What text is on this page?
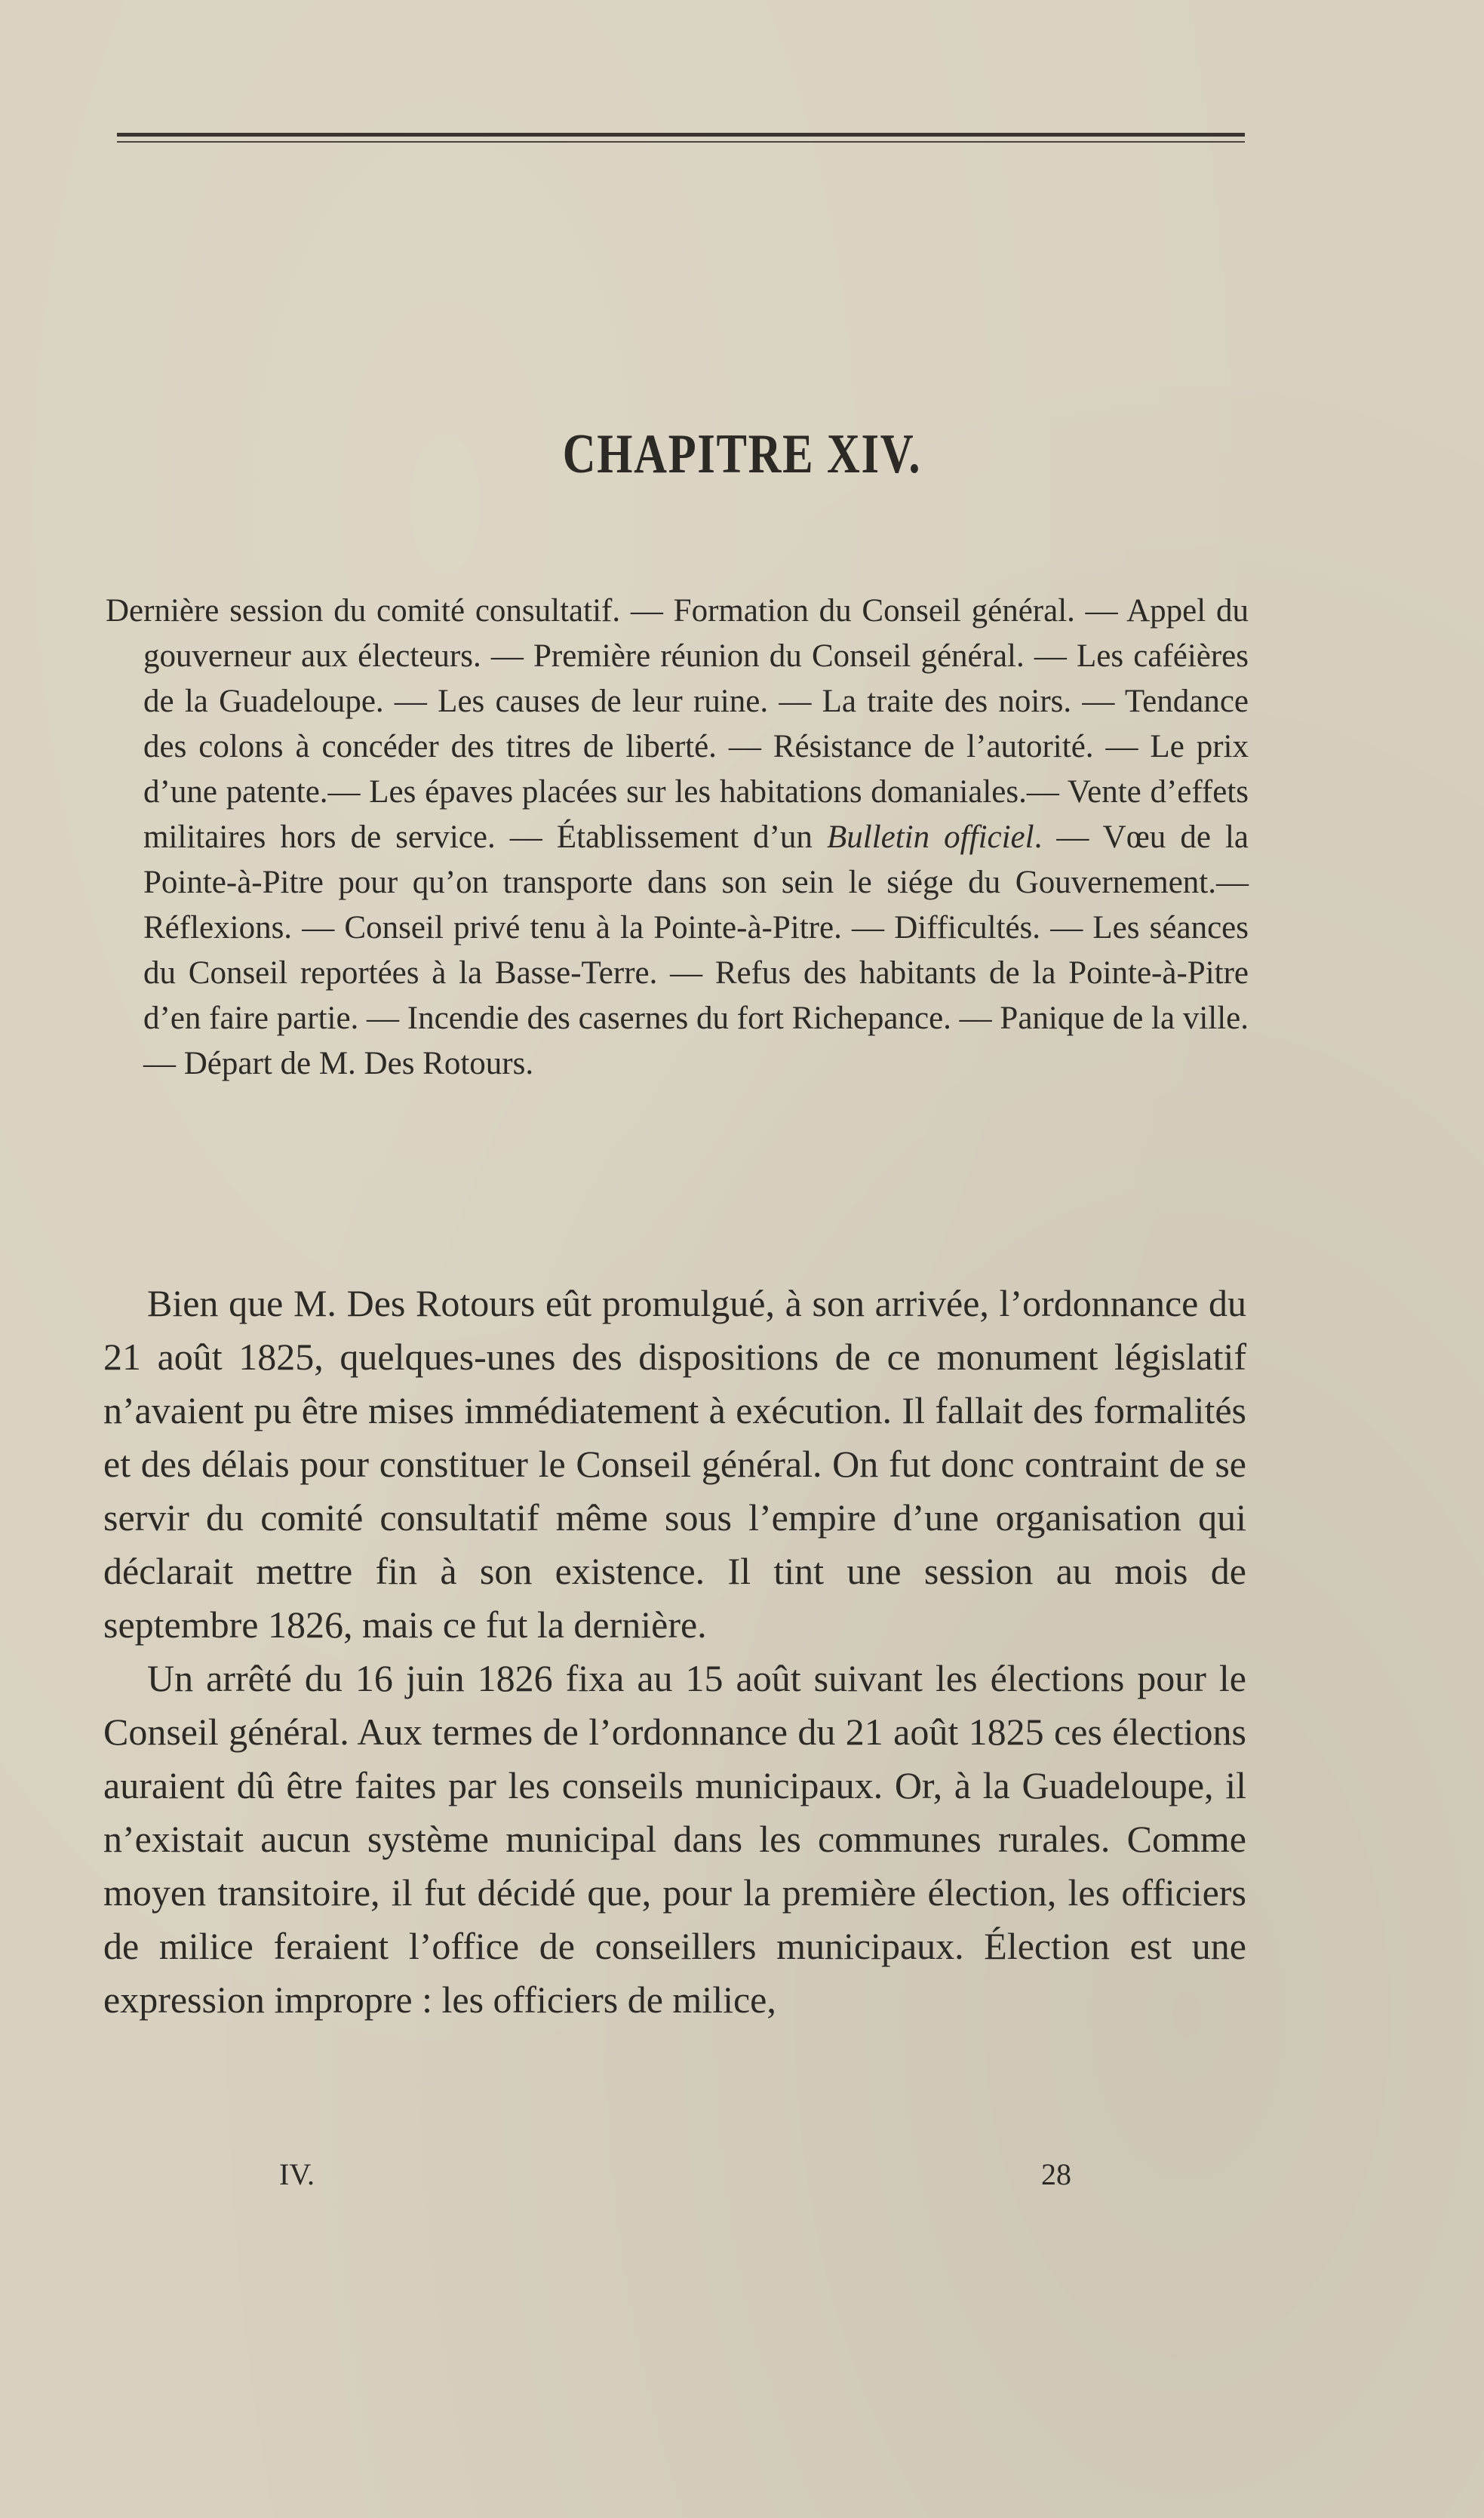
CHAPITRE XIV.
Dernière session du comité consultatif. — Formation du Conseil général. — Appel du gouverneur aux électeurs. — Première réunion du Conseil général. — Les caféières de la Guadeloupe. — Les causes de leur ruine. — La traite des noirs. — Tendance des colons à concéder des titres de liberté. — Résistance de l’autorité. — Le prix d’une patente.— Les épaves placées sur les habitations domaniales.— Vente d’effets militaires hors de service. — Établissement d’un Bulletin officiel. — Vœu de la Pointe-à-Pitre pour qu’on transporte dans son sein le siége du Gouvernement.— Réflexions. — Conseil privé tenu à la Pointe-à-Pitre. — Difficultés. — Les séances du Conseil reportées à la Basse-Terre. — Refus des habitants de la Pointe-à-Pitre d’en faire partie. — Incendie des casernes du fort Richepance. — Panique de la ville. — Départ de M. Des Rotours.

Bien que M. Des Rotours eût promulgué, à son arrivée, l’ordonnance du 21 août 1825, quelques-unes des dispositions de ce monument législatif n’avaient pu être mises immédiatement à exécution. Il fallait des formalités et des délais pour constituer le Conseil général. On fut donc contraint de se servir du comité consultatif même sous l’empire d’une organisation qui déclarait mettre fin à son existence. Il tint une session au mois de septembre 1826, mais ce fut la dernière.

Un arrêté du 16 juin 1826 fixa au 15 août suivant les élections pour le Conseil général. Aux termes de l’ordonnance du 21 août 1825 ces élections auraient dû être faites par les conseils municipaux. Or, à la Guadeloupe, il n’existait aucun système municipal dans les communes rurales. Comme moyen transitoire, il fut décidé que, pour la première élection, les officiers de milice feraient l’office de conseillers municipaux. Élection est une expression impropre : les officiers de milice,

IV.	28
